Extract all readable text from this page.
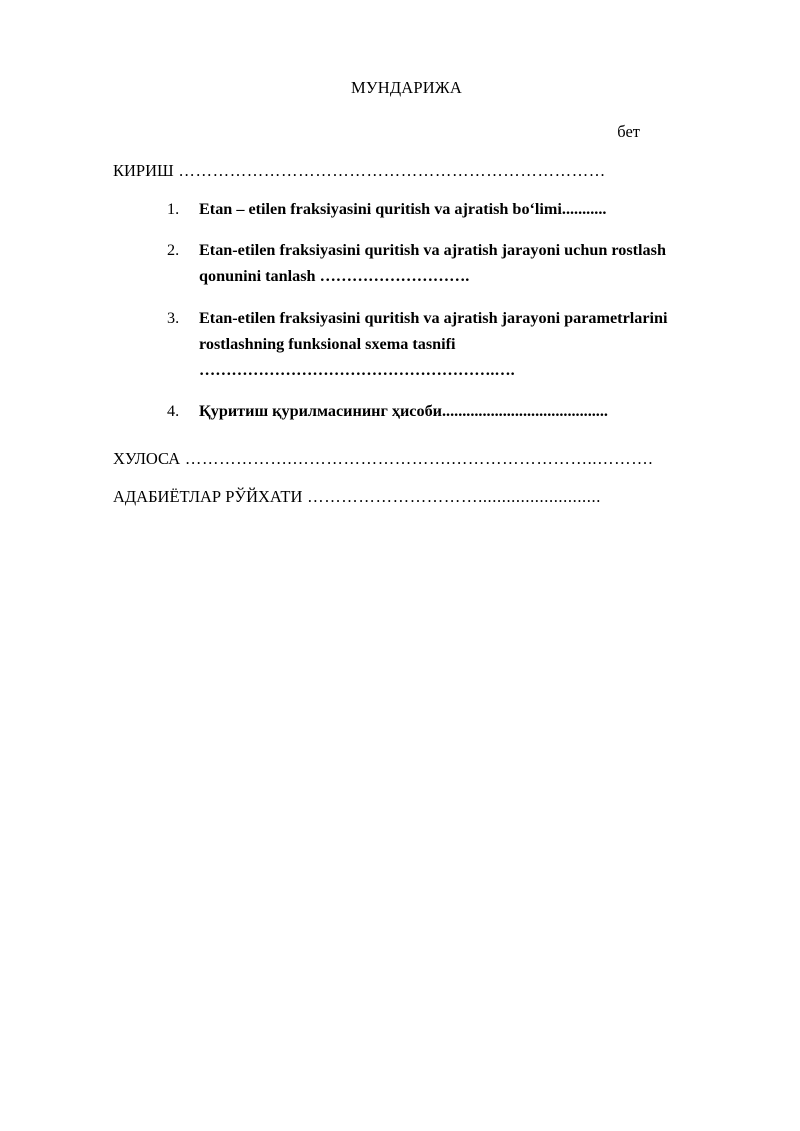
МУНДАРИЖА
бет
КИРИШ …………………………………………………………………
Etan – etilen fraksiyasini quritish va ajratish bo‘limi...........
Etan-etilen fraksiyasini quritish va ajratish jarayoni uchun rostlash qonunini tanlash ……………………….
Etan-etilen fraksiyasini quritish va ajratish jarayoni parametrlarini rostlashning funksional sxema tasnifi ……………………………………………….….
Қуритиш қурилмасининг ҳисоби.........................................
ХУЛОСА ……………….……………………….……………………..……….
АДАБИЁТЛАР РЎЙХАТИ …………………………..........................
